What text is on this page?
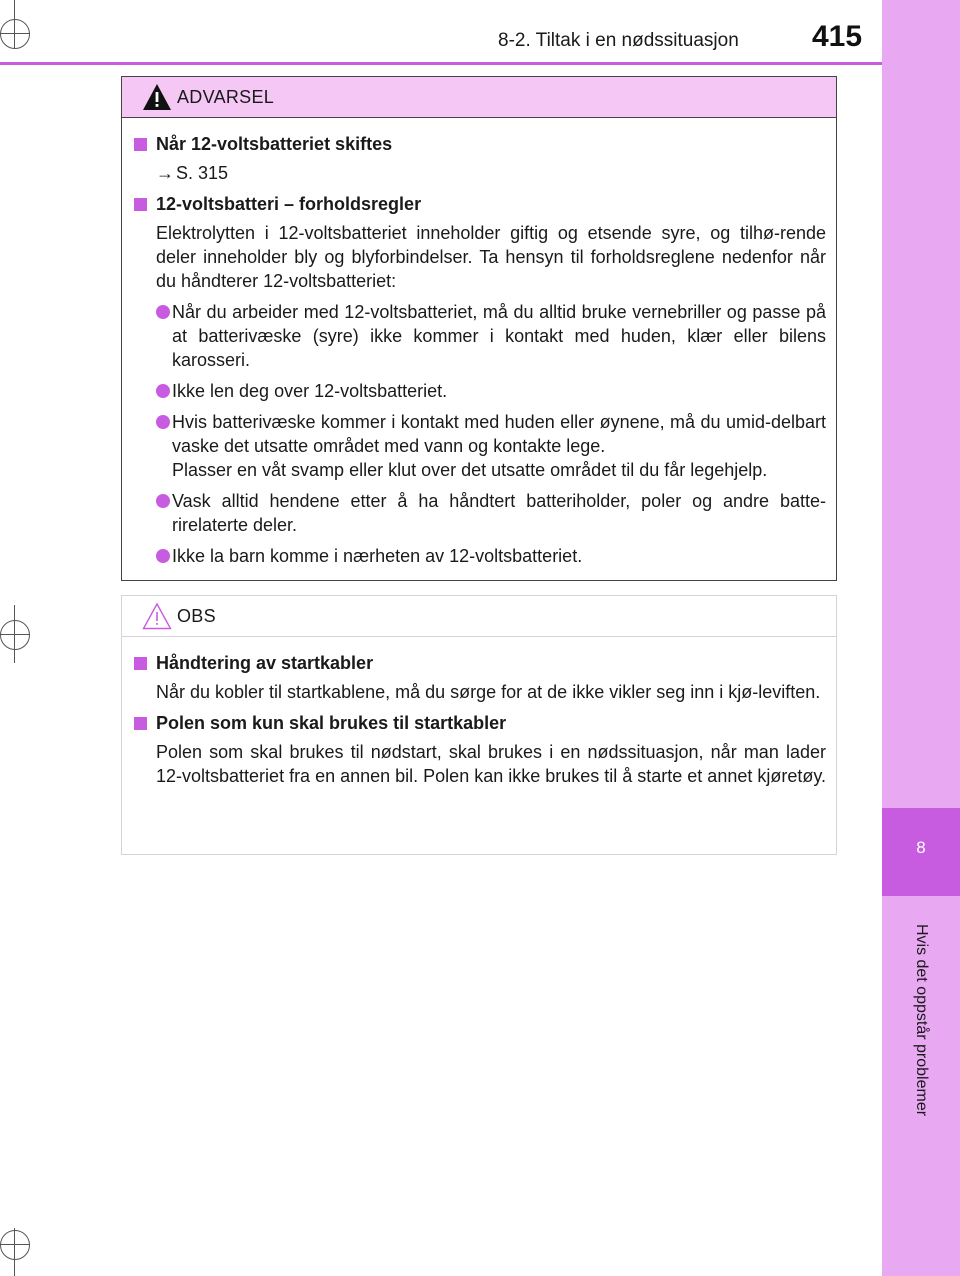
8
Hvis det oppstår problemer
8-2. Tiltak i en nødssituasjon 415
ADVARSEL
Når 12-voltsbatteriet skiftes
→ S. 315
12-voltsbatteri – forholdsregler
Elektrolytten i 12-voltsbatteriet inneholder giftig og etsende syre, og tilhø-rende deler inneholder bly og blyforbindelser. Ta hensyn til forholdsreglene nedenfor når du håndterer 12-voltsbatteriet:
Når du arbeider med 12-voltsbatteriet, må du alltid bruke vernebriller og passe på at batterivæske (syre) ikke kommer i kontakt med huden, klær eller bilens karosseri.
Ikke len deg over 12-voltsbatteriet.
Hvis batterivæske kommer i kontakt med huden eller øynene, må du umid-delbart vaske det utsatte området med vann og kontakte lege.
Plasser en våt svamp eller klut over det utsatte området til du får legehjelp.
Vask alltid hendene etter å ha håndtert batteriholder, poler og andre batte-rirelaterte deler.
Ikke la barn komme i nærheten av 12-voltsbatteriet.
OBS
Håndtering av startkabler
Når du kobler til startkablene, må du sørge for at de ikke vikler seg inn i kjø-leviften.
Polen som kun skal brukes til startkabler
Polen som skal brukes til nødstart, skal brukes i en nødssituasjon, når man lader 12-voltsbatteriet fra en annen bil. Polen kan ikke brukes til å starte et annet kjøretøy.
